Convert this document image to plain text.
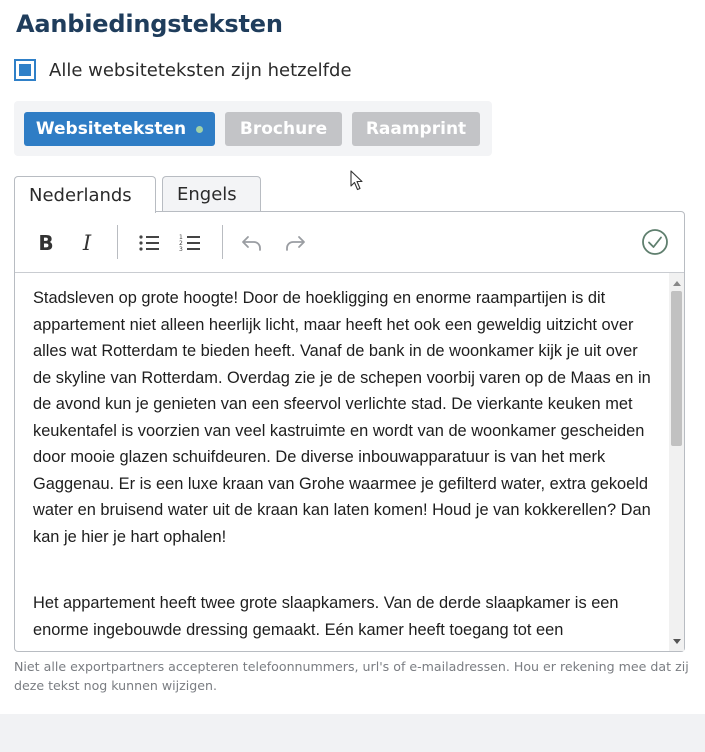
Aanbiedingsteksten
Alle websiteteksten zijn hetzelfde
Websiteteksten	Brochure Raamprint
Nederlands	Engels
B I	1
2
3

Stadsleven op grote hoogte! Door de hoekligging en enorme raampartijen is dit appartement niet alleen heerlijk licht, maar heeft het ook een geweldig uitzicht over alles wat Rotterdam te bieden heeft. Vanaf de bank in de woonkamer kijk je uit over de skyline van Rotterdam. Overdag zie je de schepen voorbij varen op de Maas en in de avond kun je genieten van een sfeervol verlichte stad. De vierkante keuken met keukentafel is voorzien van veel kastruimte en wordt van de woonkamer gescheiden door mooie glazen schuifdeuren. De diverse inbouwapparatuur is van het merk Gaggenau. Er is een luxe kraan van Grohe waarmee je gefilterd water, extra gekoeld water en bruisend water uit de kraan kan laten komen! Houd je van kokkerellen? Dan kan je hier je hart ophalen!

Het appartement heeft twee grote slaapkamers. Van de derde slaapkamer is een enorme ingebouwde dressing gemaakt. Eén kamer heeft toegang tot een

Niet alle exportpartners accepteren telefoonnummers, url's of e-mailadressen. Hou er rekening mee dat zij deze tekst nog kunnen wijzigen.
